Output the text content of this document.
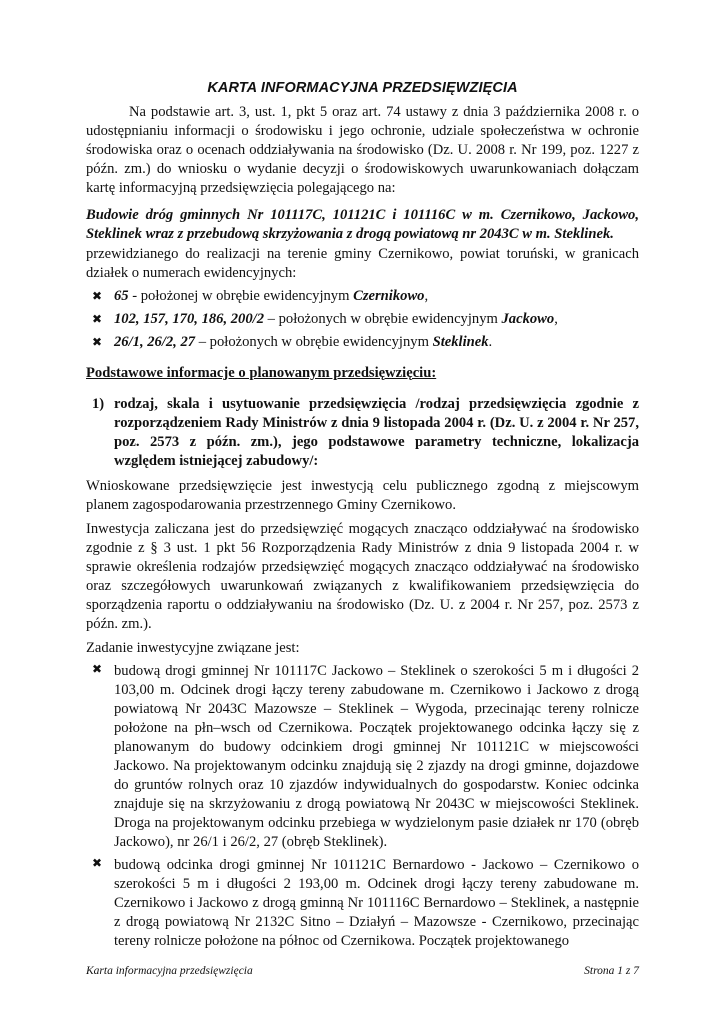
KARTA INFORMACYJNA PRZEDSIĘWZIĘCIA

Na podstawie art. 3, ust. 1, pkt 5 oraz art. 74 ustawy z dnia 3 października 2008 r. o udostępnianiu informacji o środowisku i jego ochronie, udziale społeczeństwa w ochronie środowiska oraz o ocenach oddziaływania na środowisko (Dz. U. 2008 r. Nr 199, poz. 1227 z późn. zm.) do wniosku o wydanie decyzji o środowiskowych uwarunkowaniach dołączam kartę informacyjną przedsięwzięcia polegającego na:

Budowie dróg gminnych Nr 101117C, 101121C i 101116C w m. Czernikowo, Jackowo, Steklinek wraz z przebudową skrzyżowania z drogą powiatową nr 2043C w m. Steklinek.

przewidzianego do realizacji na terenie gminy Czernikowo, powiat toruński, w granicach działek o numerach ewidencyjnych:

✖ 65 - położonej w obrębie ewidencyjnym Czernikowo,
✖ 102, 157, 170, 186, 200/2 – położonych w obrębie ewidencyjnym Jackowo,
✖ 26/1, 26/2, 27 – położonych w obrębie ewidencyjnym Steklinek.

Podstawowe informacje o planowanym przedsięwzięciu:

1) rodzaj, skala i usytuowanie przedsięwzięcia /rodzaj przedsięwzięcia zgodnie z rozporządzeniem Rady Ministrów z dnia 9 listopada 2004 r. (Dz. U. z 2004 r. Nr 257, poz. 2573 z późn. zm.), jego podstawowe parametry techniczne, lokalizacja względem istniejącej zabudowy/:

Wnioskowane przedsięwzięcie jest inwestycją celu publicznego zgodną z miejscowym planem zagospodarowania przestrzennego Gminy Czernikowo.

Inwestycja zaliczana jest do przedsięwzięć mogących znacząco oddziaływać na środowisko zgodnie z § 3 ust. 1 pkt 56 Rozporządzenia Rady Ministrów z dnia 9 listopada 2004 r. w sprawie określenia rodzajów przedsięwzięć mogących znacząco oddziaływać na środowisko oraz szczegółowych uwarunkowań związanych z kwalifikowaniem przedsięwzięcia do sporządzenia raportu o oddziaływaniu na środowisko (Dz. U. z 2004 r. Nr 257, poz. 2573 z późn. zm.).

Zadanie inwestycyjne związane jest:

✖ budową drogi gminnej Nr 101117C Jackowo – Steklinek o szerokości 5 m i długości 2 103,00 m. Odcinek drogi łączy tereny zabudowane m. Czernikowo i Jackowo z drogą powiatową Nr 2043C Mazowsze – Steklinek – Wygoda, przecinając tereny rolnicze położone na płn–wsch od Czernikowa. Początek projektowanego odcinka łączy się z planowanym do budowy odcinkiem drogi gminnej Nr 101121C w miejscowości Jackowo. Na projektowanym odcinku znajdują się 2 zjazdy na drogi gminne, dojazdowe do gruntów rolnych oraz 10 zjazdów indywidualnych do gospodarstw. Koniec odcinka znajduje się na skrzyżowaniu z drogą powiatową Nr 2043C w miejscowości Steklinek. Droga na projektowanym odcinku przebiega w wydzielonym pasie działek nr 170 (obręb Jackowo), nr 26/1 i 26/2, 27 (obręb Steklinek).

✖ budową odcinka drogi gminnej Nr 101121C Bernardowo - Jackowo – Czernikowo o szerokości 5 m i długości 2 193,00 m. Odcinek drogi łączy tereny zabudowane m. Czernikowo i Jackowo z drogą gminną Nr 101116C Bernardowo – Steklinek, a następnie z drogą powiatową Nr 2132C Sitno – Działyń – Mazowsze - Czernikowo, przecinając tereny rolnicze położone na północ od Czernikowa. Początek projektowanego

Karta informacyjna przedsięwzięcia	Strona 1 z 7
